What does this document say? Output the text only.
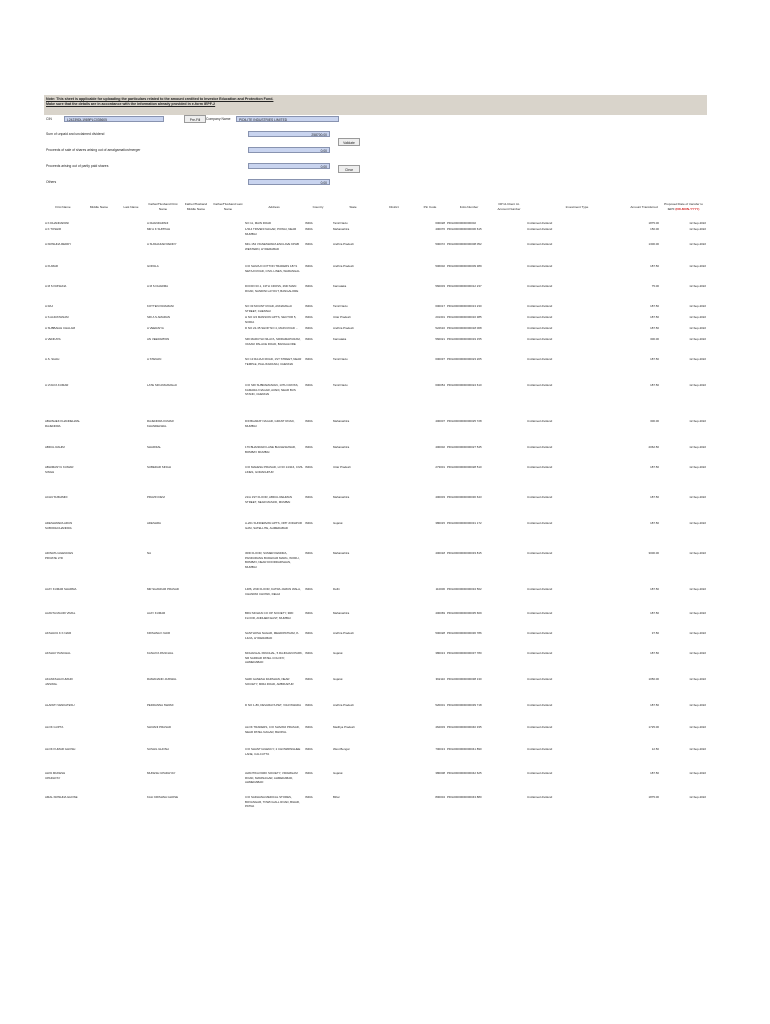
Note: This sheet is applicable for uploading the particulars related to the amount credited to Investor Education and Protection Fund.
Make sure that the details are in accordance with the information already provided in e-form IEPF-2
CIN	L24239DL1989PLC035605	Pre-Fill	Company Name	PIDILITE INDUSTRIES LIMITED
Sum of unpaid and unclaimed dividend	258700.00
Validate
Proceeds of sale of shares arising out of amalgamation/merger	0.00
Proceeds arising out of partly paid shares	0.00
Clear
Others	0.00
First Name	Middle Name	Last Name	Father/Husband First Name	Father/Husband Middle Name	Father/Husband Last Name	Address	Country	State	District	Pin Code	Folio Number	DP Id-Client Id-Account Number	Investment Type	Amount Transferred	Proposed Date of transfer to IEPF (DD-MON-YYYY)
A K DHANDAPANI			A DHANDAPANI			NO 11, MAIN ROAD	INDIA	Tamil Nadu		600028	PDIL00000000000002		Unclaimed dividend	1875.00	12-Sep-2022
A K TOSHIR			MR A K SUPPIAH			1/314 TRIVENI NAGAR, POWAI, NEAR MUMBAI	INDIA	Maharashtra		400076	PDIL00000000000006 615		Unclaimed dividend	150.00	12-Sep-2022
A KRISHNA REDDY			A SUDHAKAR REDDY			MIG 154 VIGNESWARA ENCLAVE KPHB WESTERN, HYDERABAD	INDIA	Andhra Pradesh		500072	PDIL00000000000008 052		Unclaimed dividend	1300.00	12-Sep-2022
A KUMAR			GOPALA			C/O SHIVAJI COTTON TRADERS 187/1 NETAJI ROAD, CIVIL LINES, WARANGAL	INDIA	Andhra Pradesh		506002	PDIL00000000000009 389		Unclaimed dividend	187.50	12-Sep-2022
A M S KRISHNA			A M S DHARMA			DOOR NO.1, 13TH CROSS, 2ND MAIN ROAD, NANDINI LAYOUT, BANGALORE	INDIA	Karnataka		560003	PDIL00000000000012 237		Unclaimed dividend	75.00	12-Sep-2022
A RAJ			KOTTEN PAVAMANI			NO 33 MOUNT ROAD, ANNAMALAI STREET, CHENNAI	INDIA	Tamil Nadu		600017	PDIL00000000000013 230		Unclaimed dividend	187.50	12-Sep-2022
A S ALIRATHNAM			SRI A S AMARAN			H NO 3/4 MANSION APTS, SECTOR 5, NOIDA	INDIA	Uttar Pradesh		201301	PDIL00000000000016 385		Unclaimed dividend	187.50	12-Sep-2022
A SUBBAIAH CHALAM			A VEERAIYA			D NO 22-35 SHOP NO 4, MAIN ROAD ...	INDIA	Andhra Pradesh		522616	PDIL00000000000018 068		Unclaimed dividend	187.50	12-Sep-2022
A VENKATA			AN VEERAPPAN			SRI MARUTHI NILAYA, SRIRAMAPURAM, VASAVI PALACE ROAD, BANGALORE	INDIA	Karnataka		560021	PDIL00000000000019 155		Unclaimed dividend	300.00	12-Sep-2022
A.S. SHAH			A STENAN			NO 13 RAJAJI ROAD, 1ST STREET, NEAR TEMPLE, PALLIKARANAI, CHENNAI	INDIA	Tamil Nadu		600037	PDIL00000000000023 205		Unclaimed dividend	187.50	12-Sep-2022
A.VIJAYA KUMAR			LATE SRI ANNAMALAI			C/O SRI SUBRAMANIAN, 13TH CROSS, KAMARAJ NAGAR, AVADI, NEAR BUS STAND, CHENNAI	INDIA	Tamil Nadu		600054	PDIL00000000000024 610		Unclaimed dividend	187.50	12-Sep-2022
ABHISHEK KHANDELWAL RAJENDRA			RAJENDRA KUMAR KHANDELWAL			D/9 BHARAT NAGAR, GRANT ROAD, MUMBAI	INDIA	Maharashtra		400007	PDIL00000000000025 728		Unclaimed dividend	300.00	12-Sep-2022
ABDUL RAHIM			SHARIFAL			176 BHANDARI LANE BHULESHWAR, BOMBAY MUMBAI	INDIA	Maharashtra		400002	PDIL00000000000027 545		Unclaimed dividend	2062.50	12-Sep-2022
ABHIMANYU KUMAR SINGH			SUBEDAR SINGH			C/O MAHESH PRASAD, H NO 14/116, CIVIL LINES, GORAKHPUR	INDIA	Uttar Pradesh		273001	PDIL00000000000028 510		Unclaimed dividend	187.50	12-Sep-2022
ACHUTA BHIMDI			PRAVIN DEVI			21/A 1ST FLOOR, ABDUL REHMAN STREET, NEAR MASJID, MUMBAI	INDIA	Maharashtra		400003	PDIL00000000000030 643		Unclaimed dividend	187.50	12-Sep-2022
ADESHWARA ARUN SUBODHCHANDRA			ADESHRA			A-201 SUNDERVAN APTS, OPP JODHPUR GAM, SATELLITE, AHMEDABAD	INDIA	Gujarat		380015	PDIL00000000000031 172		Unclaimed dividend	187.50	12-Sep-2022
ADINATH AGENCIES PRIVATE LTD			NA			3RD FLOOR, SUMER KENDRA, PANDURANG BUDHKAR MARG, WORLI, BOMBAY, NEAR DOORDARSHAN, MUMBAI	INDIA	Maharashtra		400018	PDIL00000000000033 815		Unclaimed dividend	3000.00	12-Sep-2022
AJAY KUMAR SHARMA			MR SHANKAR PRASAD			1486, 2ND FLOOR, KATRA JAMUN WALA, CHANDNI CHOWK, DELHI	INDIA	Delhi		110006	PDIL00000000000034 562		Unclaimed dividend	187.50	12-Sep-2022
AJANTA MAURI VIMAL			AJAY KUMAR			BRIJ MOHAN CO OP SOCIETY, 3RD FLOOR, ANDHERI EAST, MUMBAI	INDIA	Maharashtra		400069	PDIL00000000000035 669		Unclaimed dividend	187.50	12-Sep-2022
AKSHAYA K K NAIR			KRISHNA K NAIR			SANTHOSH NAGAR, MEHDIPATNAM, 8-142/A, HYDERABAD	INDIA	Andhra Pradesh		500028	PDIL00000000000036 786		Unclaimed dividend	37.50	12-Sep-2022
AKSHAY PANCHAL			KANAIYA PANCHAL			MOHANLAL PANCHAL, 5 RAJDHANI PARK, NR SARDAR PATEL COLONY, AHMEDABAD	INDIA	Gujarat		380013	PDIL00000000000037 780		Unclaimed dividend	187.50	12-Sep-2022
AKANKSHA KUMARI JAISWAL			RAMANAND JAISWAL			SHRI GANESH DARSHAN, NEAR SOCIETY, MIRA ROAD, AMBIKAPUR	INDIA	Gujarat		392110	PDIL00000000000038 130		Unclaimed dividend	1050.00	12-Sep-2022
ALAPATI VENKATESU			PEDDANNA SWAMI			D NO 1-86, DEVARAYA PET, VIJAYAWADA	INDIA	Andhra Pradesh		520001	PDIL00000000000039 718		Unclaimed dividend	187.50	12-Sep-2022
ALOK GUPTA			SHIVANI PRASAD			ALOK TRADERS, C/O SHIVANI PRASAD, NEAR PATEL NAGAR, BHOPAL	INDIA	Madhya Pradesh		462003	PDIL00000000000040 335		Unclaimed dividend	1725.00	12-Sep-2022
ALOK KUMAR GHOSH			SUSHIL GHOSH			C/O SHANTI AGENCY, 2 CHOWRINGHEE LANE, CALCUTTA	INDIA	West Bengal		700013	PDIL00000000000041 890		Unclaimed dividend	12.50	12-Sep-2022
ALPA MUKESH UPADHYAY			MUKESH UPADHYAY			AVANTIKA PARK SOCIETY, VIRAMGAM ROAD, MANINAGAR, AHMEDABAD, AHMEDABAD	INDIA	Gujarat		380008	PDIL00000000000042 625		Unclaimed dividend	187.50	12-Sep-2022
AMAL KRISHNA GHOSE			KALI KRISHNA GHOSE			C/O SADHANA MEDICAL STORES, BOVANGAR, TOWN HALL ROAD, BIHAR, PATNA	INDIA	Bihar		800004	PDIL00000000000043 880		Unclaimed dividend	1875.00	12-Sep-2022
